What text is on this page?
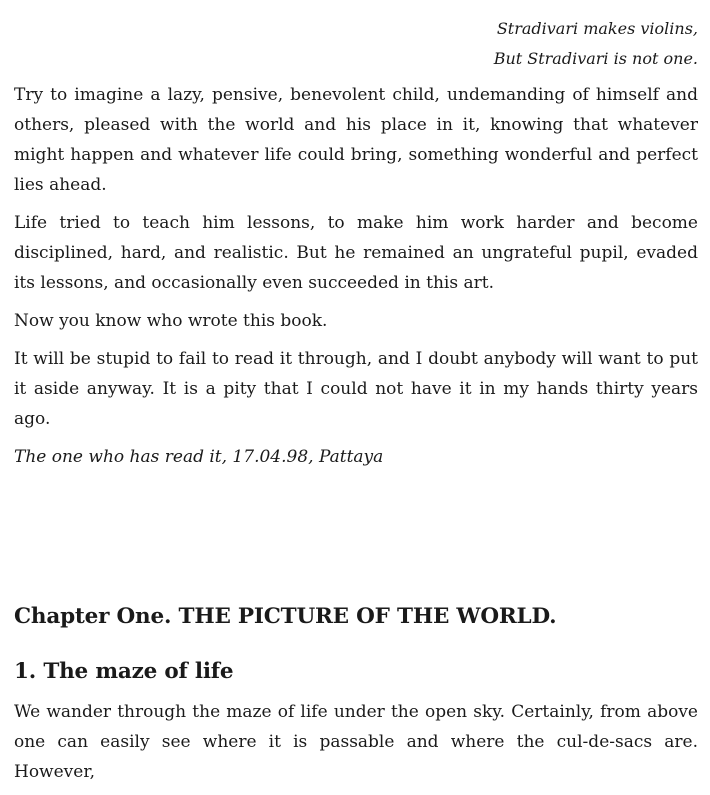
Stradivari makes violins,
But Stradivari is not one.

Try to imagine a lazy, pensive, benevolent child, undemanding of himself and others, pleased with the world and his place in it, knowing that whatever might happen and whatever life could bring, something wonderful and perfect lies ahead.

Life tried to teach him lessons, to make him work harder and become disciplined, hard, and realistic. But he remained an ungrateful pupil, evaded its lessons, and occasionally even succeeded in this art.

Now you know who wrote this book.

It will be stupid to fail to read it through, and I doubt anybody will want to put it aside anyway. It is a pity that I could not have it in my hands thirty years ago.

The one who has read it, 17.04.98, Pattaya

Chapter One. THE PICTURE OF THE WORLD.
1. The maze of life

We wander through the maze of life under the open sky. Certainly, from above one can easily see where it is passable and where the cul-de-sacs are. However,
